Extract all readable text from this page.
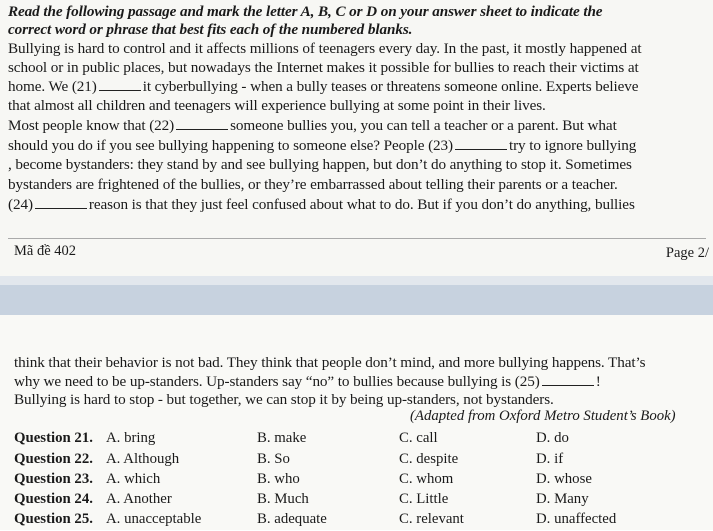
Read the following passage and mark the letter A, B, C or D on your answer sheet to indicate the
correct word or phrase that best fits each of the numbered blanks.
Bullying is hard to control and it affects millions of teenagers every day. In the past, it mostly happened at
school or in public places, but nowadays the Internet makes it possible for bullies to reach their victims at
home. We (21)	it cyberbullying - when a bully teases or threatens someone online. Experts believe
that almost all children and teenagers will experience bullying at some point in their lives.
Most people know that (22)	someone bullies you, you can tell a teacher or a parent. But what
should you do if you see bullying happening to someone else? People (23)	try to ignore bullying
, become bystanders: they stand by and see bullying happen, but don’t do anything to stop it. Sometimes
bystanders are frightened of the bullies, or they’re embarrassed about telling their parents or a teacher.
(24)	reason is that they just feel confused about what to do. But if you don’t do anything, bullies
Mã đề 402	Page 2/
think that their behavior is not bad. They think that people don’t mind, and more bullying happens. That’s
why we need to be up-standers. Up-standers say “no” to bullies because bullying is (25)	!
Bullying is hard to stop - but together, we can stop it by being up-standers, not bystanders.
(Adapted from Oxford Metro Student’s Book)
Question 21. A. bring	B. make	C. call	D. do
Question 22. A. Although	B. So	C. despite	D. if
Question 23. A. which	B. who	C. whom	D. whose
Question 24. A. Another	B. Much	C. Little	D. Many
Question 25. A. unacceptable	B. adequate	C. relevant	D. unaffected
